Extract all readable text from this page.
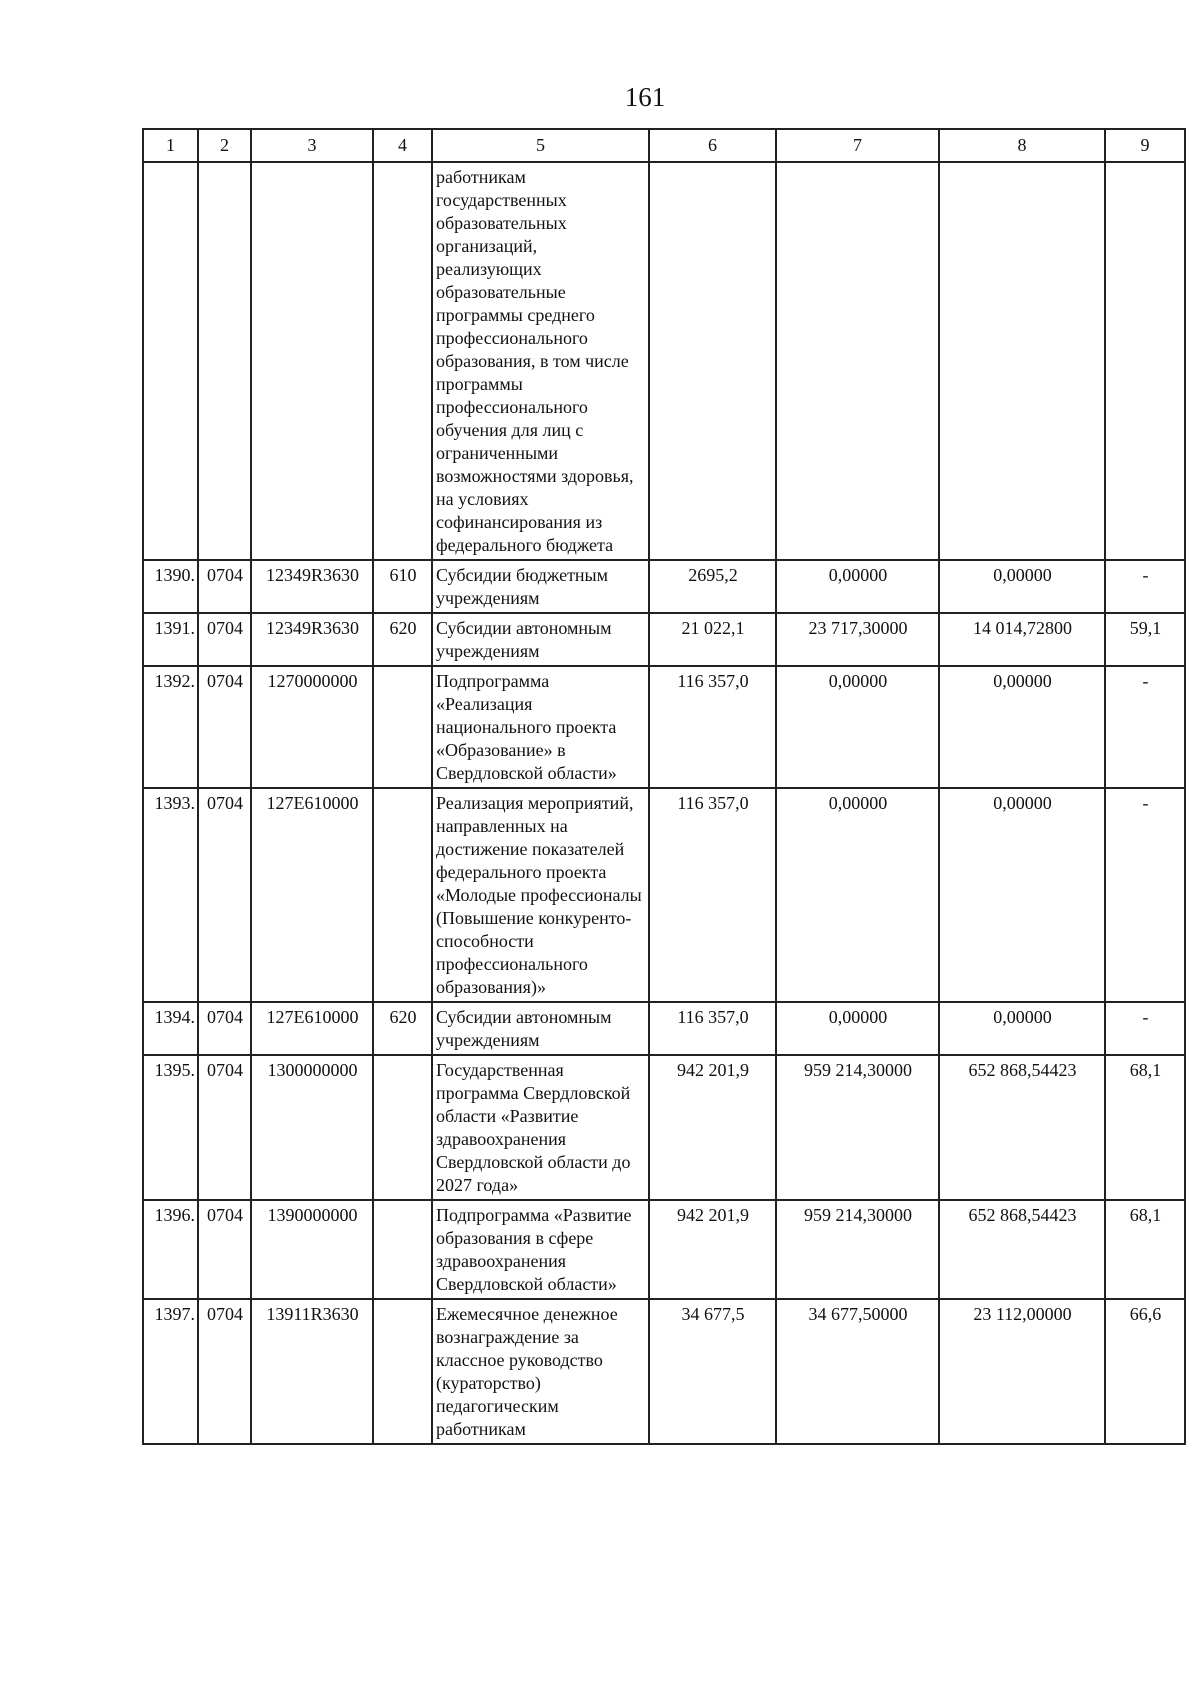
161
1	2	3	4	5	6	7	8	9
				работникам государственных образовательных организаций, реализующих образовательные программы среднего профессионального образования, в том числе программы профессионального обучения для лиц с ограниченными возможностями здоровья, на условиях софинансирования из федерального бюджета				
1390.	0704	12349R3630	610	Субсидии бюджетным учреждениям	2695,2	0,00000	0,00000	-
1391.	0704	12349R3630	620	Субсидии автономным учреждениям	21 022,1	23 717,30000	14 014,72800	59,1
1392.	0704	1270000000		Подпрограмма «Реализация национального проекта «Образование» в Свердловской области»	116 357,0	0,00000	0,00000	-
1393.	0704	127E610000		Реализация мероприятий, направленных на достижение показателей федерального проекта «Молодые профессионалы (Повышение конкуренто-способности профессионального образования)»	116 357,0	0,00000	0,00000	-
1394.	0704	127E610000	620	Субсидии автономным учреждениям	116 357,0	0,00000	0,00000	-
1395.	0704	1300000000		Государственная программа Свердловской области «Развитие здравоохранения Свердловской области до 2027 года»	942 201,9	959 214,30000	652 868,54423	68,1
1396.	0704	1390000000		Подпрограмма «Развитие образования в сфере здравоохранения Свердловской области»	942 201,9	959 214,30000	652 868,54423	68,1
1397.	0704	13911R3630		Ежемесячное денежное вознаграждение за классное руководство (кураторство) педагогическим работникам	34 677,5	34 677,50000	23 112,00000	66,6
